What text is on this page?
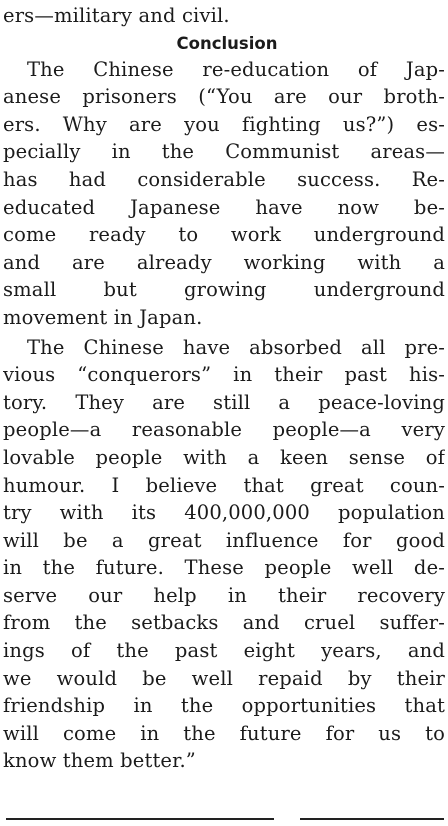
ers—military and civil.
Conclusion
The Chinese re-education of Jap-
anese prisoners (“You are our broth-
ers. Why are you fighting us?”) es-
pecially in the Communist areas—
has had considerable success. Re-
educated Japanese have now be-
come ready to work underground
and are already working with a
small but growing underground
movement in Japan.
The Chinese have absorbed all pre-
vious “conquerors” in their past his-
tory. They are still a peace-loving
people—a reasonable people—a very
lovable people with a keen sense of
humour. I believe that great coun-
try with its 400,000,000 population
will be a great influence for good
in the future. These people well de-
serve our help in their recovery
from the setbacks and cruel suffer-
ings of the past eight years, and
we would be well repaid by their
friendship in the opportunities that
will come in the future for us to
know them better.”
